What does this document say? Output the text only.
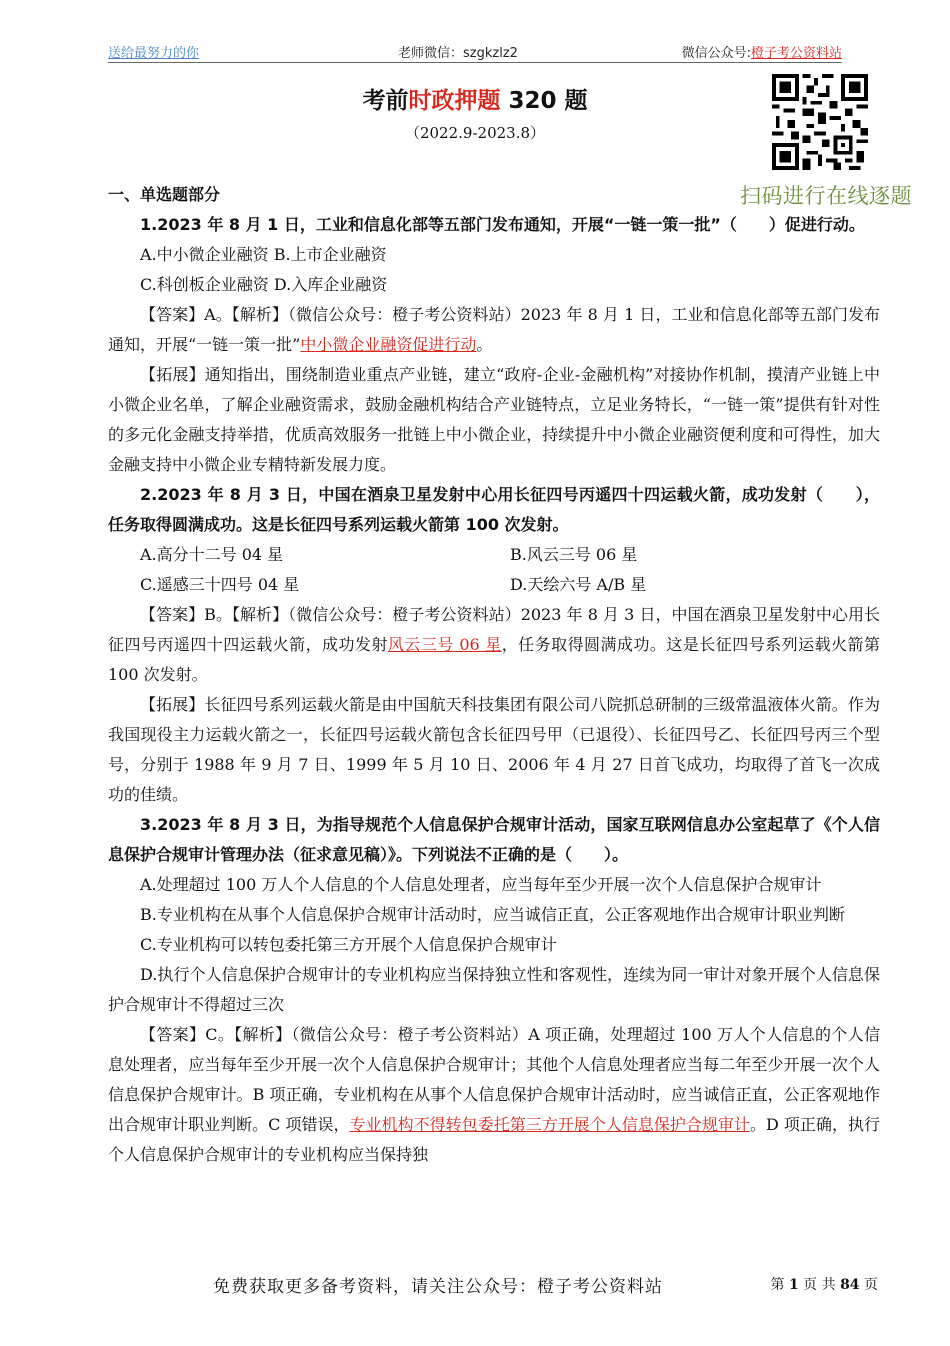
送给最努力的你	老师微信：szgkzlz2	微信公众号:橙子考公资料站
考前时政押题 320 题
（2022.9-2023.8）
扫码进行在线逐题

一、单选题部分

1.2023 年 8 月 1 日，工业和信息化部等五部门发布通知，开展“一链一策一批”（　　）促进行动。

A.中小微企业融资 B.上市企业融资

C.科创板企业融资 D.入库企业融资

【答案】A。【解析】（微信公众号：橙子考公资料站）2023 年 8 月 1 日，工业和信息化部等五部门发布通知，开展“一链一策一批”中小微企业融资促进行动。

【拓展】通知指出，围绕制造业重点产业链，建立“政府-企业-金融机构”对接协作机制，摸清产业链上中小微企业名单，了解企业融资需求，鼓励金融机构结合产业链特点，立足业务特长，“一链一策”提供有针对性的多元化金融支持举措，优质高效服务一批链上中小微企业，持续提升中小微企业融资便利度和可得性，加大金融支持中小微企业专精特新发展力度。

2.2023 年 8 月 3 日，中国在酒泉卫星发射中心用长征四号丙遥四十四运载火箭，成功发射（　　），任务取得圆满成功。这是长征四号系列运载火箭第 100 次发射。

A.高分十二号 04 星	B.风云三号 06 星

C.遥感三十四号 04 星	D.天绘六号 A/B 星

【答案】B。【解析】（微信公众号：橙子考公资料站）2023 年 8 月 3 日，中国在酒泉卫星发射中心用长征四号丙遥四十四运载火箭，成功发射风云三号 06 星，任务取得圆满成功。这是长征四号系列运载火箭第 100 次发射。

【拓展】长征四号系列运载火箭是由中国航天科技集团有限公司八院抓总研制的三级常温液体火箭。作为我国现役主力运载火箭之一，长征四号运载火箭包含长征四号甲（已退役）、长征四号乙、长征四号丙三个型号，分别于 1988 年 9 月 7 日、1999 年 5 月 10 日、2006 年 4 月 27 日首飞成功，均取得了首飞一次成功的佳绩。

3.2023 年 8 月 3 日，为指导规范个人信息保护合规审计活动，国家互联网信息办公室起草了《个人信息保护合规审计管理办法（征求意见稿）》。下列说法不正确的是（　　）。

A.处理超过 100 万人个人信息的个人信息处理者，应当每年至少开展一次个人信息保护合规审计

B.专业机构在从事个人信息保护合规审计活动时，应当诚信正直，公正客观地作出合规审计职业判断

C.专业机构可以转包委托第三方开展个人信息保护合规审计

D.执行个人信息保护合规审计的专业机构应当保持独立性和客观性，连续为同一审计对象开展个人信息保护合规审计不得超过三次

【答案】C。【解析】（微信公众号：橙子考公资料站）A 项正确，处理超过 100 万人个人信息的个人信息处理者，应当每年至少开展一次个人信息保护合规审计；其他个人信息处理者应当每二年至少开展一次个人信息保护合规审计。B 项正确，专业机构在从事个人信息保护合规审计活动时，应当诚信正直，公正客观地作出合规审计职业判断。C 项错误，专业机构不得转包委托第三方开展个人信息保护合规审计。D 项正确，执行个人信息保护合规审计的专业机构应当保持独

免费获取更多备考资料，请关注公众号：橙子考公资料站	第 1 页 共 84 页
